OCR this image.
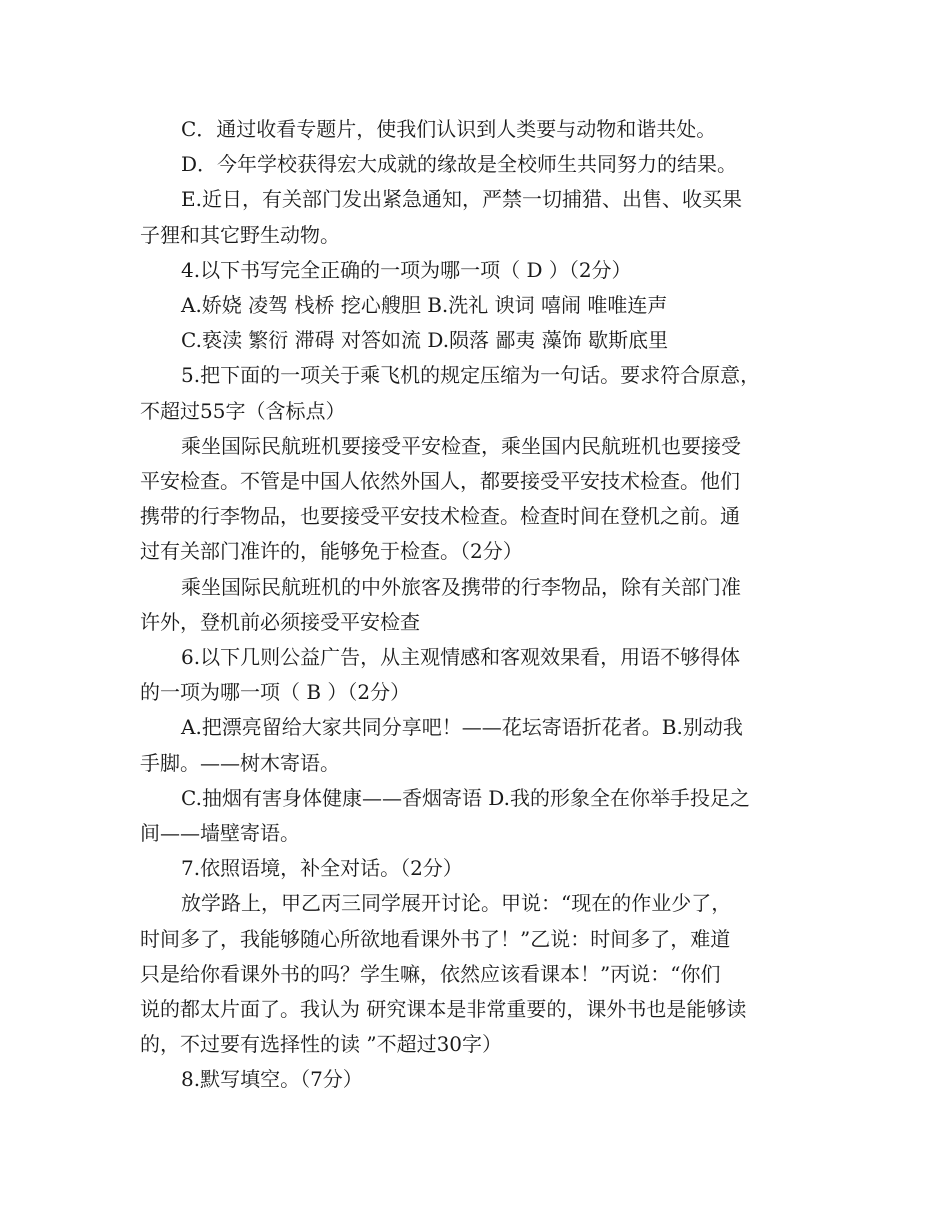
C．通过收看专题片，使我们认识到人类要与动物和谐共处。
D．今年学校获得宏大成就的缘故是全校师生共同努力的结果。
E.近日，有关部门发出紧急通知，严禁一切捕猎、出售、收买果
子狸和其它野生动物。
4.以下书写完全正确的一项为哪一项（ D ）（2分）
A.娇娆 凌驾 栈桥 挖心艘胆 B.洗礼 谀词 嘻闹 唯唯连声
C.亵渎 繁衍 滞碍 对答如流 D.陨落 鄙夷 藻饰 歇斯底里
5.把下面的一项关于乘飞机的规定压缩为一句话。要求符合原意，
不超过55字（含标点）
乘坐国际民航班机要接受平安检查，乘坐国内民航班机也要接受
平安检查。不管是中国人依然外国人，都要接受平安技术检查。他们
携带的行李物品，也要接受平安技术检查。检查时间在登机之前。通
过有关部门准许的，能够免于检查。（2分）
乘坐国际民航班机的中外旅客及携带的行李物品，除有关部门准
许外，登机前必须接受平安检查
6.以下几则公益广告，从主观情感和客观效果看，用语不够得体
的一项为哪一项（ B ）（2分）
A.把漂亮留给大家共同分享吧！——花坛寄语折花者。B.别动我
手脚。——树木寄语。
C.抽烟有害身体健康——香烟寄语 D.我的形象全在你举手投足之
间——墙壁寄语。
7.依照语境，补全对话。（2分）
放学路上，甲乙丙三同学展开讨论。甲说：“现在的作业少了，
时间多了，我能够随心所欲地看课外书了！”乙说：时间多了，难道
只是给你看课外书的吗？学生嘛，依然应该看课本！”丙说：“你们
说的都太片面了。我认为 研究课本是非常重要的，课外书也是能够读
的，不过要有选择性的读 ”不超过30字）
8.默写填空。（7分）
